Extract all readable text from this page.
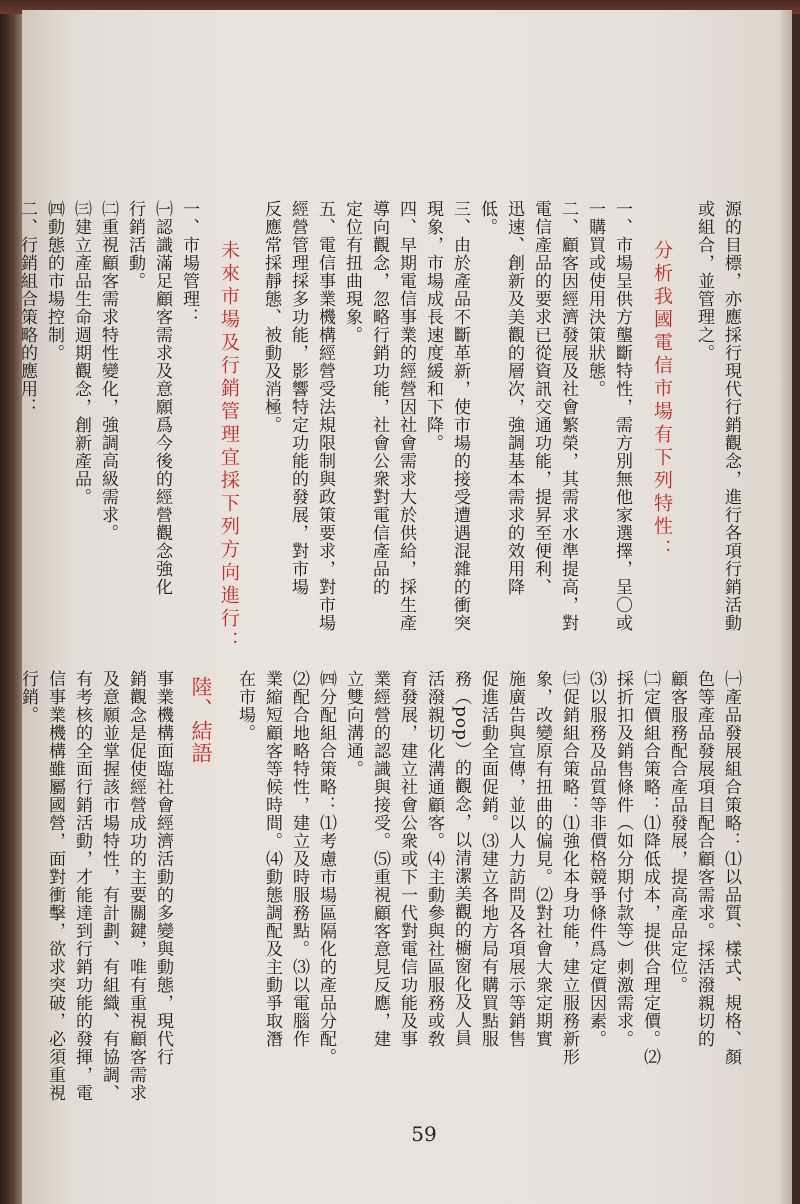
源的目標，亦應採行現代行銷觀念，進行各項行銷活動
或組合，並管理之。
分析我國電信市場有下列特性：
一、市場呈供方壟斷特性，需方別無他家選擇，呈〇或
一購買或使用決策狀態。
二、顧客因經濟發展及社會繁榮，其需求水準提高，對
電信產品的要求已從資訊交通功能，提昇至便利、
迅速、創新及美觀的層次，強調基本需求的效用降
低。
三、由於產品不斷革新，使市場的接受遭遇混雜的衝突
現象，市場成長速度緩和下降。
四、早期電信事業的經營因社會需求大於供給，採生產
導向觀念，忽略行銷功能，社會公衆對電信產品的
定位有扭曲現象。
五、電信事業機構經營受法規限制與政策要求，對市場
經營管理採多功能，影響特定功能的發展，對市場
反應常採靜態、被動及消極。
未來市場及行銷管理宜採下列方向進行：
一、市場管理：
㈠認識滿足顧客需求及意願爲今後的經營觀念強化
行銷活動。
㈡重視顧客需求特性變化，強調高級需求。
㈢建立產品生命週期觀念，創新產品。
㈣動態的市場控制。
二、行銷組合策略的應用：
㈠產品發展組合策略：⑴以品質、樣式、規格、顏
色等產品發展項目配合顧客需求。採活潑親切的
顧客服務配合產品發展，提高產品定位。
㈡定價組合策略：⑴降低成本，提供合理定價。⑵
採折扣及銷售條件（如分期付款等）刺激需求。
⑶以服務及品質等非價格競爭條件爲定價因素。
㈢促銷組合策略：⑴強化本身功能，建立服務新形
象，改變原有扭曲的偏見。⑵對社會大衆定期實
施廣告與宣傳，並以人力訪問及各項展示等銷售
促進活動全面促銷。⑶建立各地方局有購買點服
務（pop）的觀念，以清潔美觀的櫥窗化及人員
活潑親切化溝通顧客。⑷主動參與社區服務或敎
育發展，建立社會公衆或下一代對電信功能及事
業經營的認識與接受。⑸重視顧客意見反應，建
立雙向溝通。
㈣分配組合策略：⑴考慮市場區隔化的產品分配。
⑵配合地略特性，建立及時服務點。⑶以電腦作
業縮短顧客等候時間。⑷動態調配及主動爭取潛
在市場。
陸、結語
事業機構面臨社會經濟活動的多變與動態，現代行
銷觀念是促使經營成功的主要關鍵，唯有重視顧客需求
及意願並掌握該市場特性，有計劃、有組織、有協調、
有考核的全面行銷活動，才能達到行銷功能的發揮，電
信事業機構雖屬國營，面對衝擊，欲求突破，必須重視
行銷。
59
